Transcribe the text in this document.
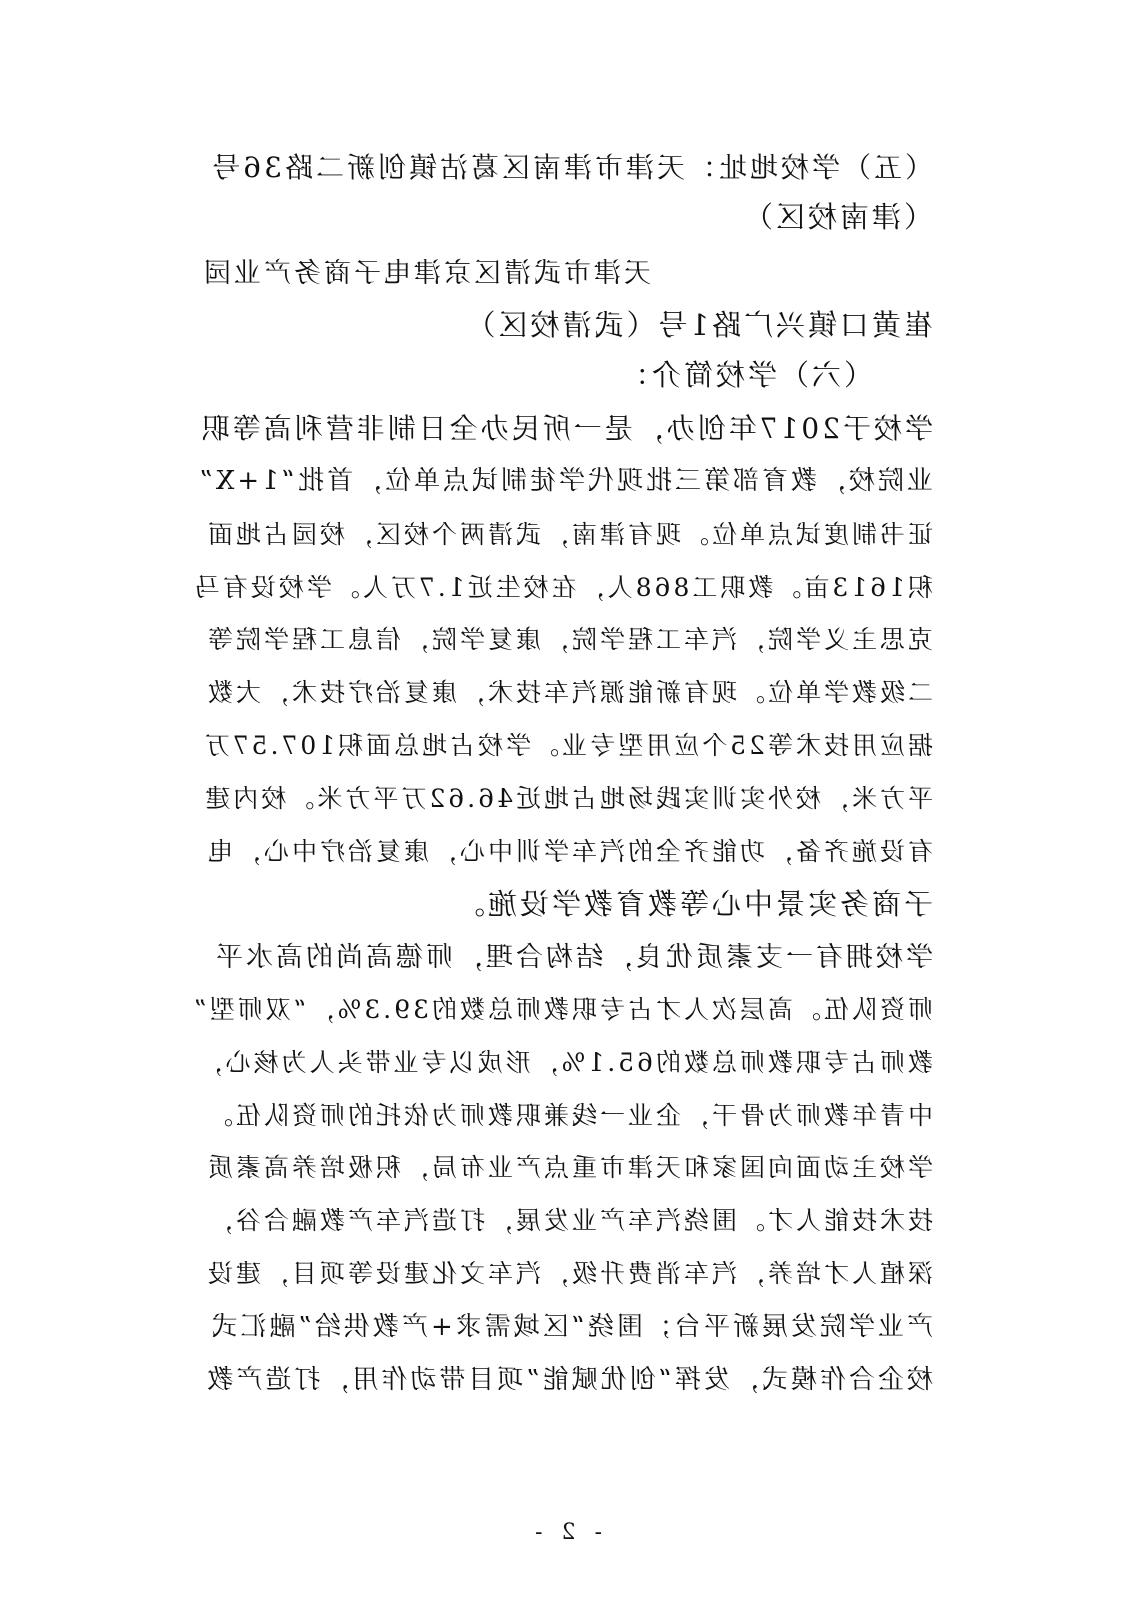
（五）学校地址：天津市津南区葛沽镇创新二路36号
（津南校区）
天津市武清区京津电子商务产业园
崔黄口镇兴广路1号（武清校区）
（六）学校简介：
学校于2017年创办，是一所民办全日制非营利高等职
业院校，教育部第三批现代学徒制试点单位，首批“1+X”
证书制度试点单位。现有津南，武清两个校区，校园占地面
积1613亩。教职工868人，在校生近1.7万人。学校设有马
克思主义学院，汽车工程学院，康复学院，信息工程学院等
二级教学单位。现有新能源汽车技术，康复治疗技术，大数
据应用技术等25个应用型专业。学校占地总面积107.57万
平方米，校外实训实践场地占地近46.62万平方米。校内建
有设施齐备，功能齐全的汽车学训中心，康复治疗中心，电
子商务实景中心等教育教学设施。
学校拥有一支素质优良，结构合理，师德高尚的高水平
师资队伍。高层次人才占专职教师总数的39.3%，“双师型”
教师占专职教师总数的65.1%，形成以专业带头人为核心，
中青年教师为骨干，企业一线兼职教师为依托的师资队伍。
学校主动面向国家和天津市重点产业布局，积极培养高素质
技术技能人才。围绕汽车产业发展，打造汽车产教融合谷，
深植人才培养，汽车消费升级，汽车文化建设等项目，建设
产业学院发展新平台；围绕“区域需求+产教供给”融汇式
校企合作模式，发挥“创优赋能”项目带动作用，打造产教
- 2 -
